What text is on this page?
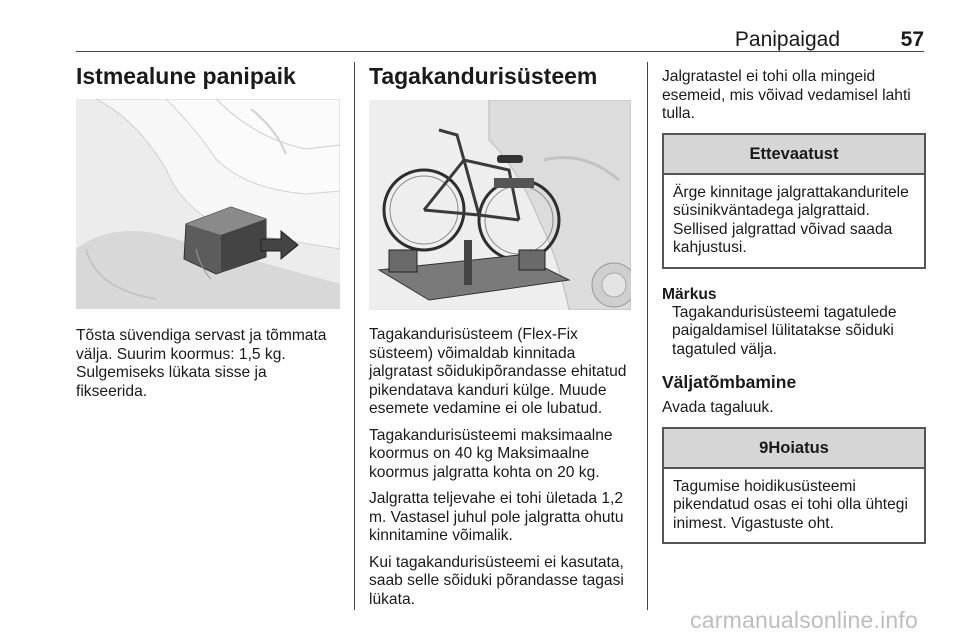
Panipaigad	57
Istmealune panipaik

Tõsta süvendiga servast ja tõmmata välja. Suurim koormus: 1,5 kg. Sulgemiseks lükata sisse ja fikseerida.

Tagakandurisüsteem

Tagakandurisüsteem (Flex-Fix süsteem) võimaldab kinnitada jalgratast sõidukipõrandasse ehitatud pikendatava kanduri külge. Muude esemete vedamine ei ole lubatud.

Tagakandurisüsteemi maksimaalne koormus on 40 kg Maksimaalne koormus jalgratta kohta on 20 kg.

Jalgratta teljevahe ei tohi ületada 1,2 m. Vastasel juhul pole jalgratta ohutu kinnitamine võimalik.

Kui tagakandurisüsteemi ei kasutata, saab selle sõiduki põrandasse tagasi lükata.

Jalgratastel ei tohi olla mingeid esemeid, mis võivad vedamisel lahti tulla.

Ettevaatust

Ärge kinnitage jalgrattakanduritele süsinikväntadega jalgrattaid. Sellised jalgrattad võivad saada kahjustusi.

Märkus

Tagakandurisüsteemi tagatulede paigaldamisel lülitatakse sõiduki tagatuled välja.

Väljatõmbamine

Avada tagaluuk.

9Hoiatus

Tagumise hoidikusüsteemi pikendatud osas ei tohi olla ühtegi inimest. Vigastuste oht.

carmanualsonline.info
